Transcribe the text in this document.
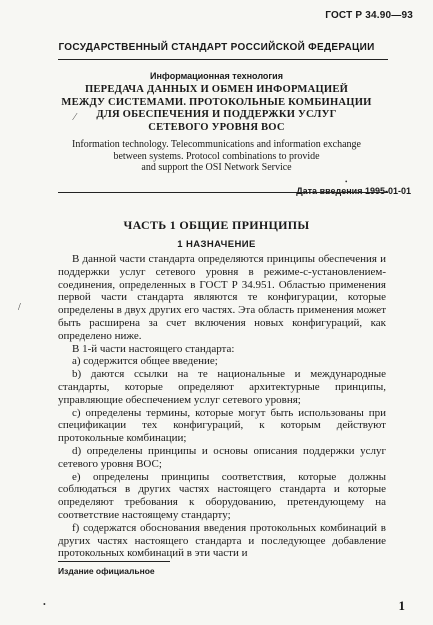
ГОСТ Р 34.90—93
ГОСУДАРСТВЕННЫЙ СТАНДАРТ РОССИЙСКОЙ ФЕДЕРАЦИИ
Информационная технология
ПЕРЕДАЧА ДАННЫХ И ОБМЕН ИНФОРМАЦИЕЙ
МЕЖДУ СИСТЕМАМИ. ПРОТОКОЛЬНЫЕ КОМБИНАЦИИ
ДЛЯ ОБЕСПЕЧЕНИЯ И ПОДДЕРЖКИ УСЛУГ
СЕТЕВОГО УРОВНЯ ВОС
Information technology. Telecommunications and information exchange
between systems. Protocol combinations to provide
and support the OSI Network Service
Дата введения 1995-01-01
ЧАСТЬ 1 ОБЩИЕ ПРИНЦИПЫ
1 НАЗНАЧЕНИЕ

В данной части стандарта определяются принципы обеспечения и поддержки услуг сетевого уровня в режиме-с-установлением-соединения, определенных в ГОСТ Р 34.951. Областью применения первой части стандарта являются те конфигурации, которые определены в двух других его частях. Эта область применения может быть расширена за счет включения новых конфигураций, как определено ниже.

В 1-й части настоящего стандарта:

a) содержится общее введение;

b) даются ссылки на те национальные и международные стандарты, которые определяют архитектурные принципы, управляющие обеспечением услуг сетевого уровня;

c) определены термины, которые могут быть использованы при спецификации тех конфигураций, к которым действуют протокольные комбинации;

d) определены принципы и основы описания поддержки услуг сетевого уровня ВОС;

e) определены принципы соответствия, которые должны соблюдаться в других частях настоящего стандарта и которые определяют требования к оборудованию, претендующему на соответствие настоящему стандарту;

f) содержатся обоснования введения протокольных комбинаций в других частях настоящего стандарта и последующее добавление протокольных комбинаций в эти части и

Издание официальное
1
⁄
/
•
•
